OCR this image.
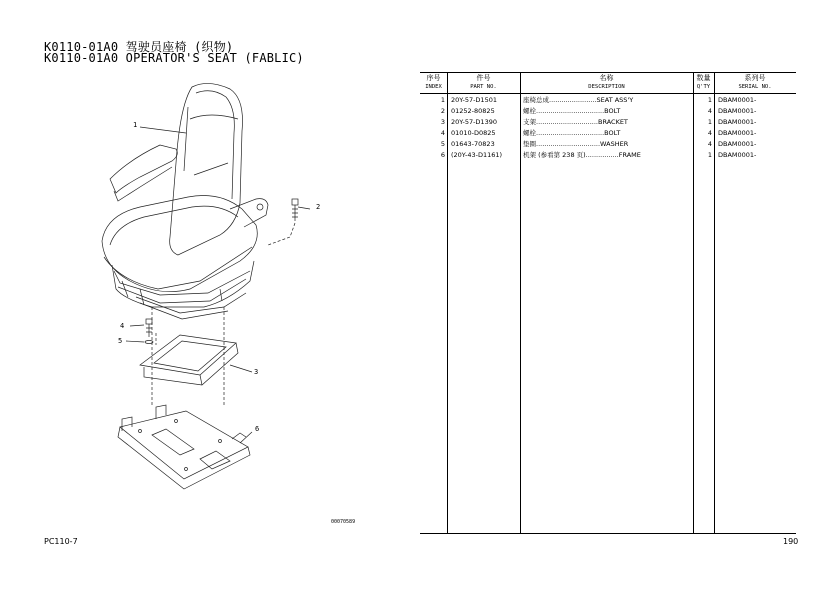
K0110-01A0 驾驶员座椅 (织物)
K0110-01A0 OPERATOR'S SEAT (FABLIC)
1
2
3
4
5
6
00070589
序号
INDEX
件号
PART NO.
名称
DESCRIPTION
数量
Q'TY
系列号
SERIAL NO.
1 20Y-57-D1501	座椅总成.......................SEAT ASS'Y	1 DBAM0001-
2 01252-80825	螺栓.................................BOLT	4 DBAM0001-
3 20Y-57-D1390	支架..............................BRACKET	1 DBAM0001-
4 01010-D0825	螺栓.................................BOLT	4 DBAM0001-
5 01643-70823	垫圈...............................WASHER	4 DBAM0001-
6 (20Y-43-D1161)	机架 (参看第 238 页)................FRAME	1 DBAM0001-
PC110-7	190
